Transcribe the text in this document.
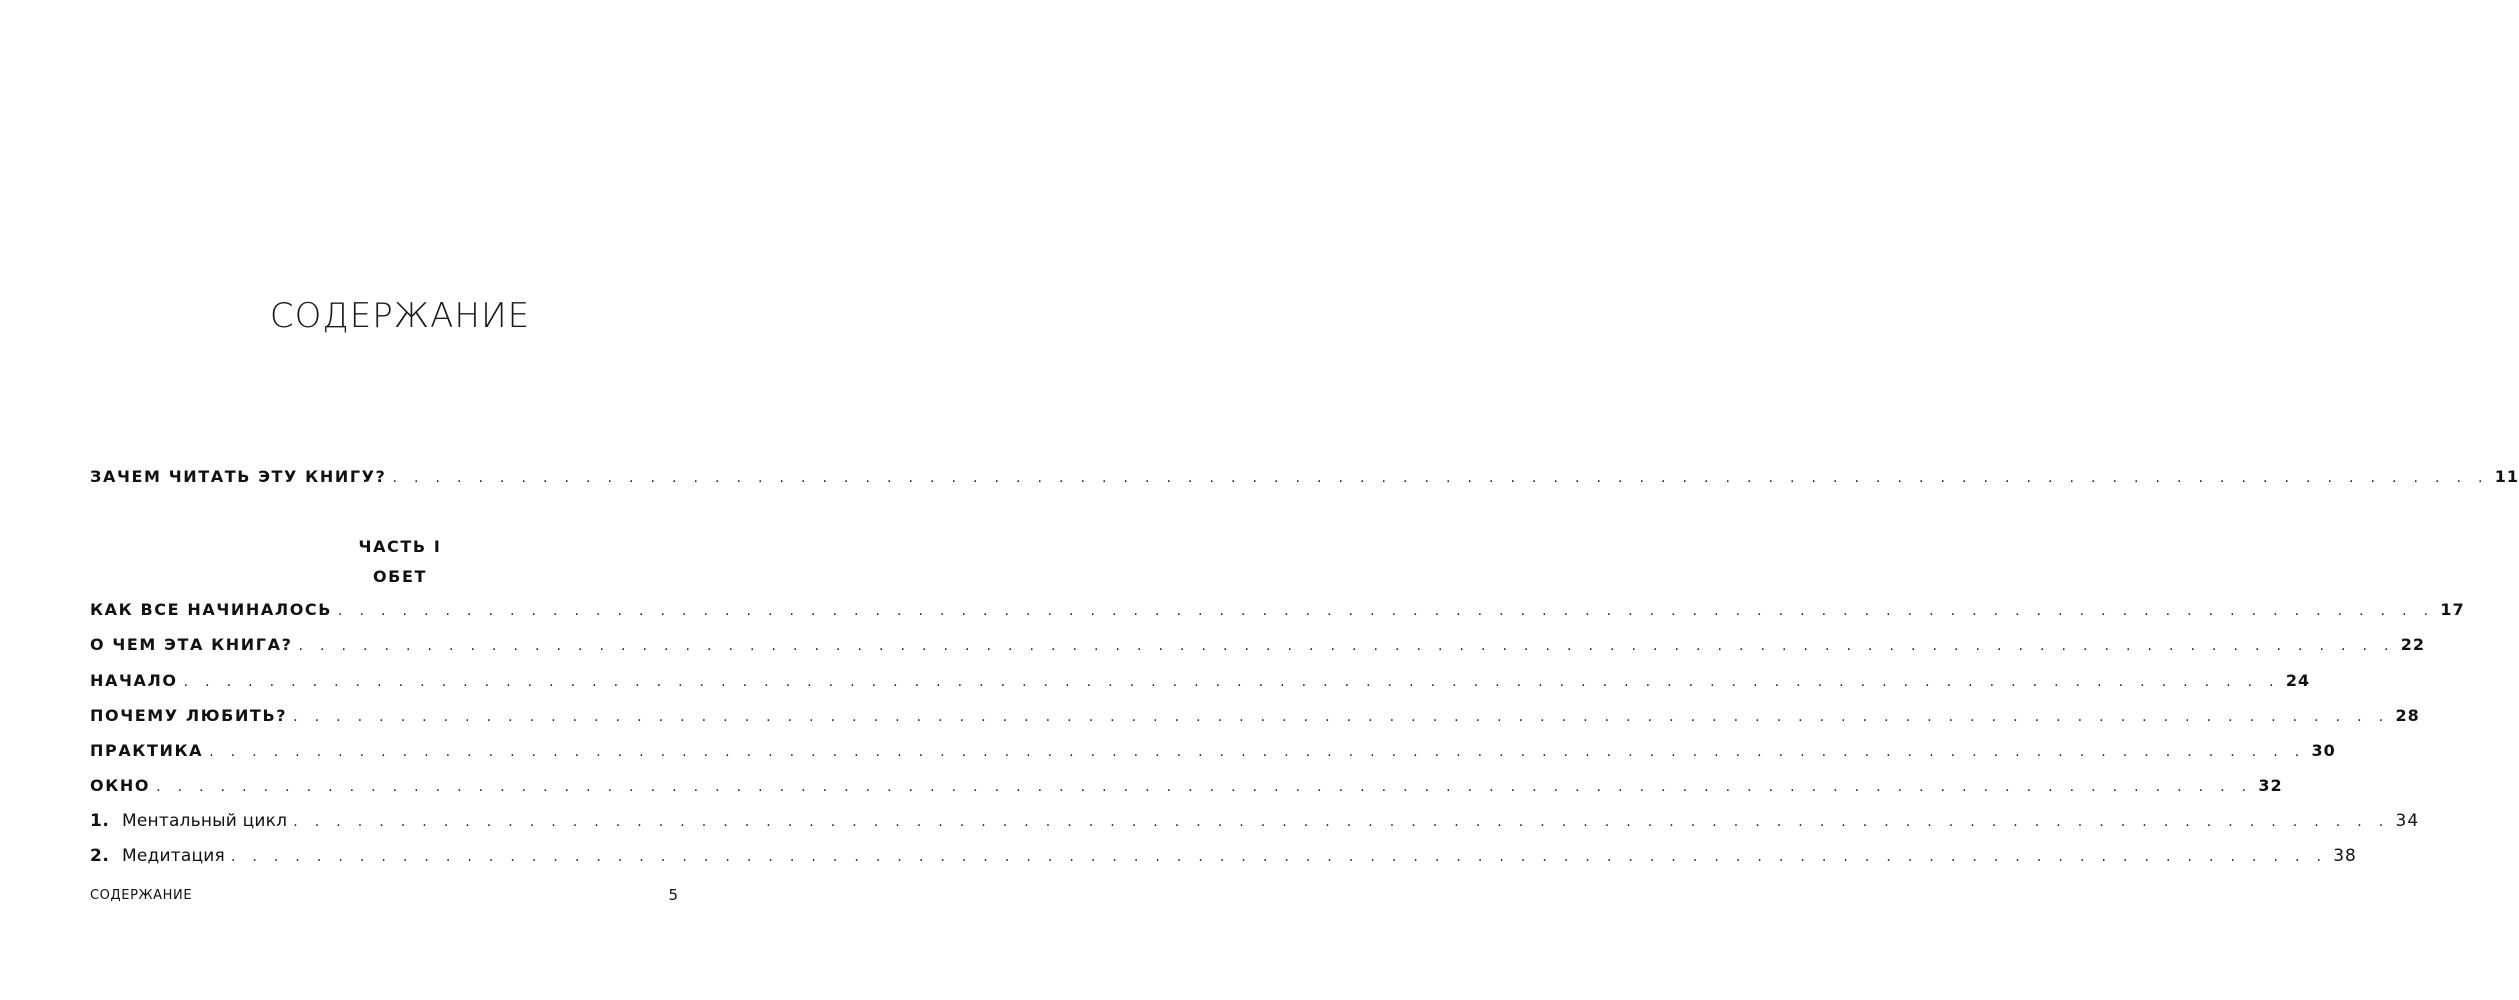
СОДЕРЖАНИЕ
ЗАЧЕМ ЧИТАТЬ ЭТУ КНИГУ? . . . . . . . . . . . . . . . . . . . . . . . . . . . . . . . . . . . . . . . . . . . . . . . . . . . . . . . . . . . . . . . . . . . . . . . . . . . . . . . . . . . . . . . . . . . . . . . . . . 11
ЧАСТЬ I
ОБЕТ
КАК ВСЕ НАЧИНАЛОСЬ . . . . . . . . . . . . . . . . . . . . . . . . . . . . . . . . . . . . . . . . . . . . . . . . . . . . . . . . . . . . . . . . . . . . . . . . . . . . . . . . . . . . . . . . . . . . . . . . . . 17
О ЧЕМ ЭТА КНИГА? . . . . . . . . . . . . . . . . . . . . . . . . . . . . . . . . . . . . . . . . . . . . . . . . . . . . . . . . . . . . . . . . . . . . . . . . . . . . . . . . . . . . . . . . . . . . . . . . . . 22
НАЧАЛО . . . . . . . . . . . . . . . . . . . . . . . . . . . . . . . . . . . . . . . . . . . . . . . . . . . . . . . . . . . . . . . . . . . . . . . . . . . . . . . . . . . . . . . . . . . . . . . . . . 24
ПОЧЕМУ ЛЮБИТЬ? . . . . . . . . . . . . . . . . . . . . . . . . . . . . . . . . . . . . . . . . . . . . . . . . . . . . . . . . . . . . . . . . . . . . . . . . . . . . . . . . . . . . . . . . . . . . . . . . . . 28
ПРАКТИКА . . . . . . . . . . . . . . . . . . . . . . . . . . . . . . . . . . . . . . . . . . . . . . . . . . . . . . . . . . . . . . . . . . . . . . . . . . . . . . . . . . . . . . . . . . . . . . . . . . 30
ОКНО . . . . . . . . . . . . . . . . . . . . . . . . . . . . . . . . . . . . . . . . . . . . . . . . . . . . . . . . . . . . . . . . . . . . . . . . . . . . . . . . . . . . . . . . . . . . . . . . . . 32
1. Ментальный цикл . . . . . . . . . . . . . . . . . . . . . . . . . . . . . . . . . . . . . . . . . . . . . . . . . . . . . . . . . . . . . . . . . . . . . . . . . . . . . . . . . . . . . . . . . . . . . . . . . . 34
2. Медитация . . . . . . . . . . . . . . . . . . . . . . . . . . . . . . . . . . . . . . . . . . . . . . . . . . . . . . . . . . . . . . . . . . . . . . . . . . . . . . . . . . . . . . . . . . . . . . . . . . 38
СОДЕРЖАНИЕ	5
